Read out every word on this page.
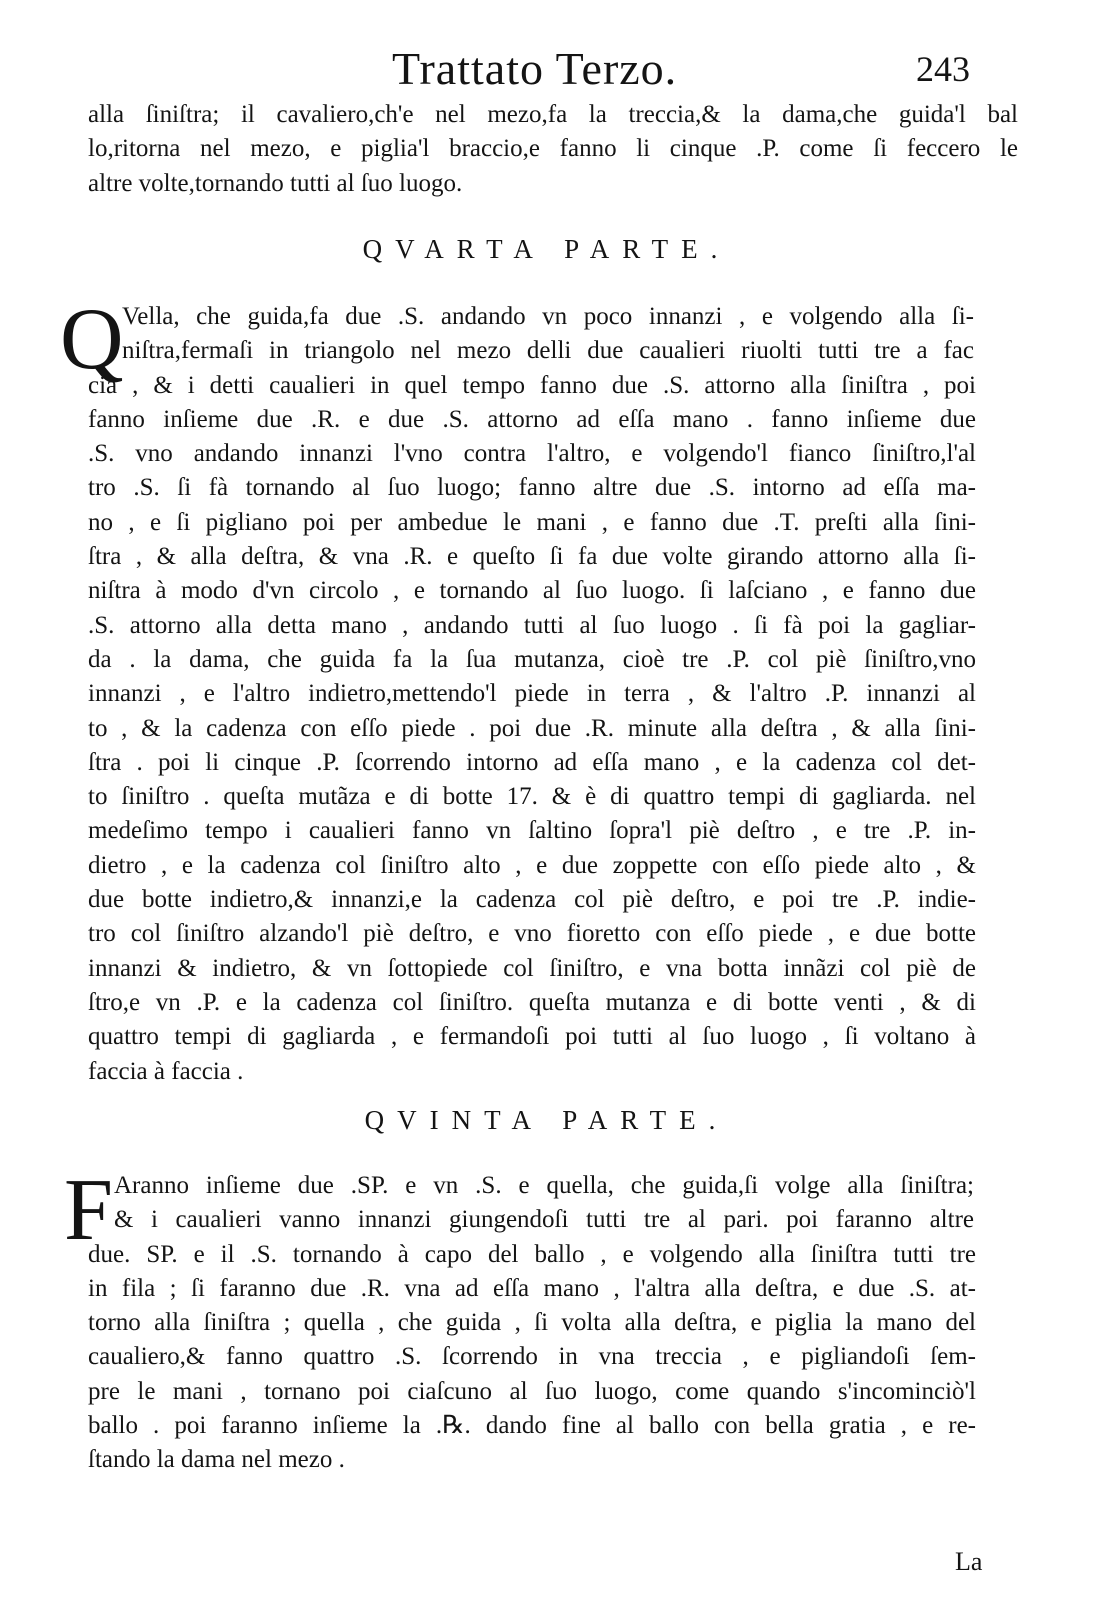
Trattato Terzo.	243
alla ſiniſtra; il cavaliero,ch'e nel mezo,fa la treccia,& la dama,che guida'l bal
lo,ritorna nel mezo, e piglia'l braccio,e fanno li cinque .P. come ſi feccero le
altre volte,tornando tutti al ſuo luogo.
QVARTA PARTE.
Q
Vella, che guida,fa due .S. andando vn poco innanzi , e volgendo alla ſi-
niſtra,fermaſi in triangolo nel mezo delli due caualieri riuolti tutti tre a fac
cia , & i detti caualieri in quel tempo fanno due .S. attorno alla ſiniſtra , poi
fanno inſieme due .R. e due .S. attorno ad eſſa mano . fanno inſieme due
.S. vno andando innanzi l'vno contra l'altro, e volgendo'l fianco ſiniſtro,l'al
tro .S. ſi fà tornando al ſuo luogo; fanno altre due .S. intorno ad eſſa ma-
no , e ſi pigliano poi per ambedue le mani , e fanno due .T. preſti alla ſini-
ſtra , & alla deſtra, & vna .R. e queſto ſi fa due volte girando attorno alla ſi-
niſtra à modo d'vn circolo , e tornando al ſuo luogo. ſi laſciano , e fanno due
.S. attorno alla detta mano , andando tutti al ſuo luogo . ſi fà poi la gagliar-
da . la dama, che guida fa la ſua mutanza, cioè tre .P. col piè ſiniſtro,vno
innanzi , e l'altro indietro,mettendo'l piede in terra , & l'altro .P. innanzi al
to , & la cadenza con eſſo piede . poi due .R. minute alla deſtra , & alla ſini-
ſtra . poi li cinque .P. ſcorrendo intorno ad eſſa mano , e la cadenza col det-
to ſiniſtro . queſta mutãza e di botte 17. & è di quattro tempi di gagliarda. nel
medeſimo tempo i caualieri fanno vn ſaltino ſopra'l piè deſtro , e tre .P. in-
dietro , e la cadenza col ſiniſtro alto , e due zoppette con eſſo piede alto , &
due botte indietro,& innanzi,e la cadenza col piè deſtro, e poi tre .P. indie-
tro col ſiniſtro alzando'l piè deſtro, e vno fioretto con eſſo piede , e due botte
innanzi & indietro, & vn ſottopiede col ſiniſtro, e vna botta innãzi col piè de
ſtro,e vn .P. e la cadenza col ſiniſtro. queſta mutanza e di botte venti , & di
quattro tempi di gagliarda , e fermandoſi poi tutti al ſuo luogo , ſi voltano à
faccia à faccia .
QVINTA PARTE.
F Aranno inſieme due .SP. e vn .S. e quella, che guida,ſi volge alla ſiniſtra;
& i caualieri vanno innanzi giungendoſi tutti tre al pari. poi faranno altre
due. SP. e il .S. tornando à capo del ballo , e volgendo alla ſiniſtra tutti tre
in fila ; ſi faranno due .R. vna ad eſſa mano , l'altra alla deſtra, e due .S. at-
torno alla ſiniſtra ; quella , che guida , ſi volta alla deſtra, e piglia la mano del
caualiero,& fanno quattro .S. ſcorrendo in vna treccia , e pigliandoſi ſem-
pre le mani , tornano poi ciaſcuno al ſuo luogo, come quando s'incominciò'l
ballo . poi faranno inſieme la .℞. dando fine al ballo con bella gratia , e re-
ſtando la dama nel mezo .
La
